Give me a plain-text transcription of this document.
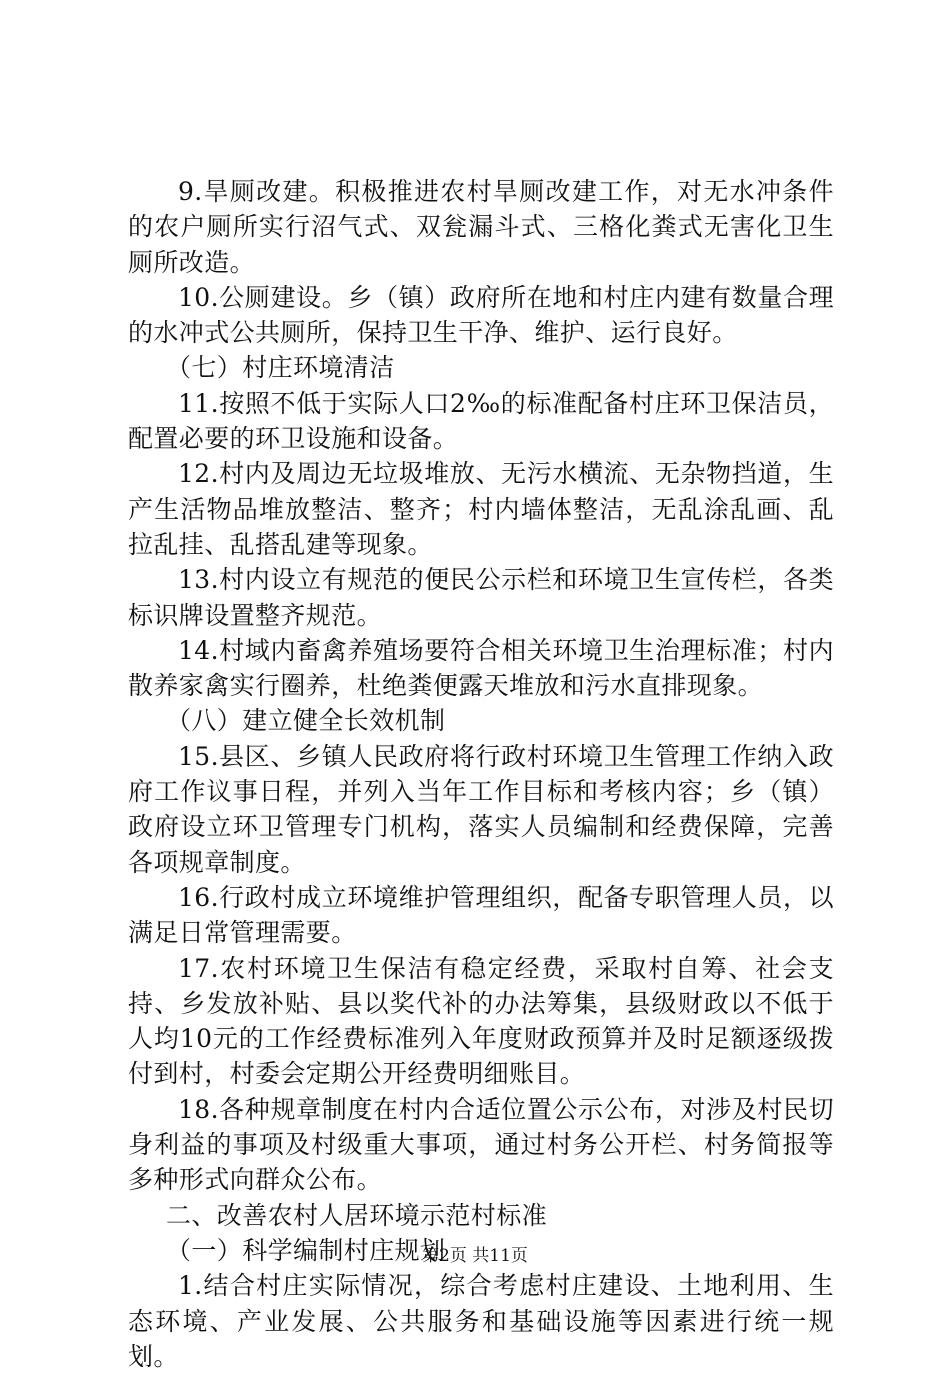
9.旱厕改建。积极推进农村旱厕改建工作，对无水冲条件的农户厕所实行沼气式、双瓮漏斗式、三格化粪式无害化卫生厕所改造。

10.公厕建设。乡（镇）政府所在地和村庄内建有数量合理的水冲式公共厕所，保持卫生干净、维护、运行良好。

（七）村庄环境清洁

11.按照不低于实际人口2‰的标准配备村庄环卫保洁员，配置必要的环卫设施和设备。

12.村内及周边无垃圾堆放、无污水横流、无杂物挡道，生产生活物品堆放整洁、整齐；村内墙体整洁，无乱涂乱画、乱拉乱挂、乱搭乱建等现象。

13.村内设立有规范的便民公示栏和环境卫生宣传栏，各类标识牌设置整齐规范。

14.村域内畜禽养殖场要符合相关环境卫生治理标准；村内散养家禽实行圈养，杜绝粪便露天堆放和污水直排现象。

（八）建立健全长效机制

15.县区、乡镇人民政府将行政村环境卫生管理工作纳入政府工作议事日程，并列入当年工作目标和考核内容；乡（镇）政府设立环卫管理专门机构，落实人员编制和经费保障，完善各项规章制度。

16.行政村成立环境维护管理组织，配备专职管理人员，以满足日常管理需要。

17.农村环境卫生保洁有稳定经费，采取村自筹、社会支持、乡发放补贴、县以奖代补的办法筹集，县级财政以不低于人均10元的工作经费标准列入年度财政预算并及时足额逐级拨付到村，村委会定期公开经费明细账目。

18.各种规章制度在村内合适位置公示公布，对涉及村民切身利益的事项及村级重大事项，通过村务公开栏、村务简报等多种形式向群众公布。

二、改善农村人居环境示范村标准

（一）科学编制村庄规划

1.结合村庄实际情况，综合考虑村庄建设、土地利用、生态环境、产业发展、公共服务和基础设施等因素进行统一规划。

第2页 共11页
